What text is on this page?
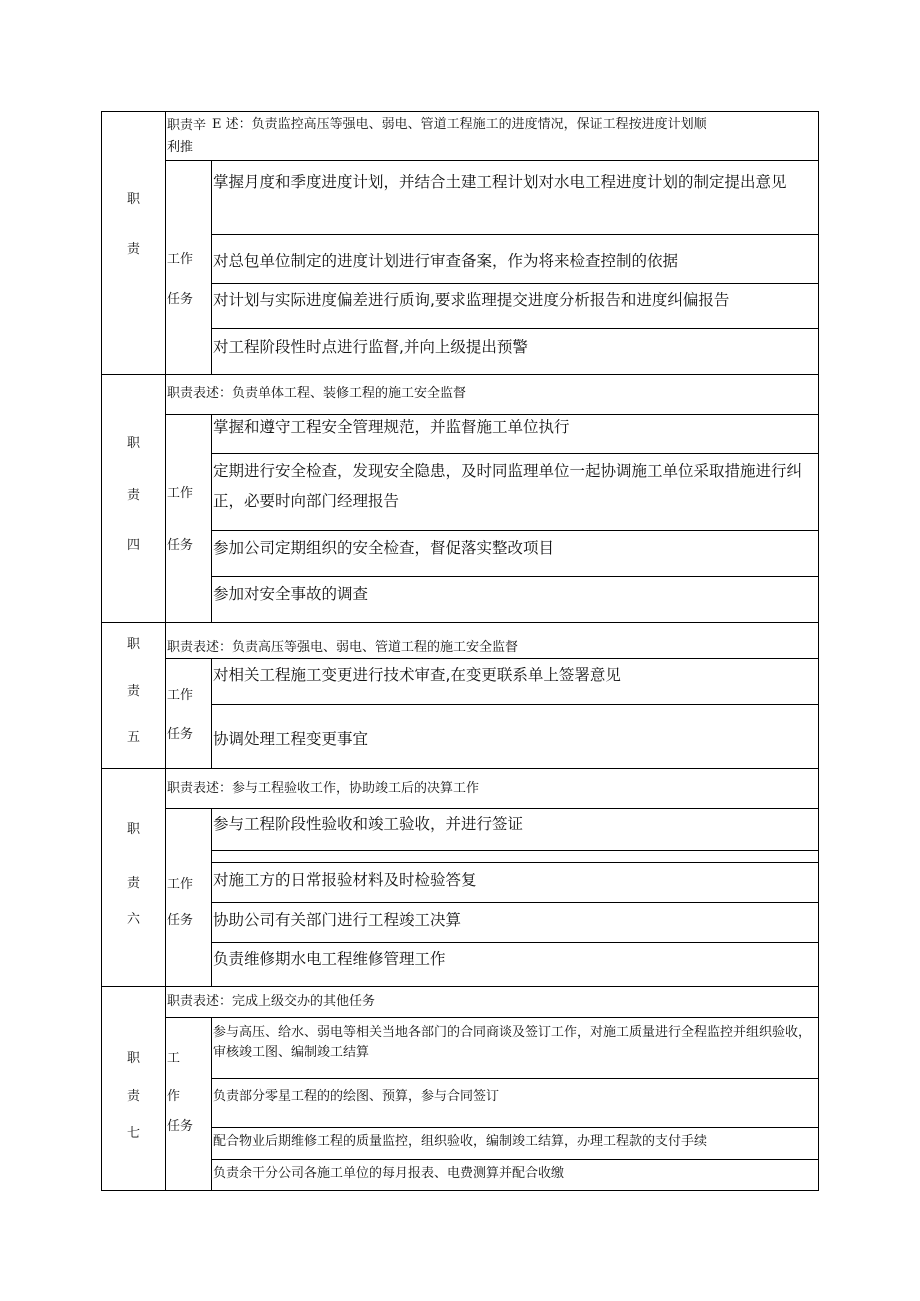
职
责
职责辛
利推
E 述：负责监控高压等强电、弱电、管道工程施工的进度情况，保证工程按进度计划顺
工作
任务
掌握月度和季度进度计划，并结合土建工程计划对水电工程进度计划的制定提出意见
对总包单位制定的进度计划进行审查备案，作为将来检查控制的依据
对计划与实际进度偏差进行质询,要求监理提交进度分析报告和进度纠偏报告
对工程阶段性时点进行监督,并向上级提出预警
职
责
四
职责表述 ：负责单体工程、装修工程的施工安全监督
工作
任务
掌握和遵守工程安全管理规范，并监督施工单位执行
定期进行安全检查，发现安全隐患，及时同监理单位一起协调施工单位采取措施进行纠正，必要时向部门经理报告
参加公司定期组织的安全检查，督促落实整改项目
参加对安全事故的调查
职
责
五
职责表述 ：负责高压等强电、弱电、管道工程的施工安全监督
工作
任务
对相关工程施工变更进行技术审查,在变更联系单上签署意见
协调处理工程变更事宜
职
责
六
职责表述 ：参与工程验收工作，协助竣工后的决算工作
工作
任务
参与工程阶段性验收和竣工验收，并进行签证
对施工方的日常报验材料及时检验答复
协助公司有关部门进行工程竣工决算
负责维修期水电工程维修管理工作
职
责
七
职责表述 ：完成上级交办的其他任务
工
作
任务
参与高压、给水、弱电等相关当地各部门的合同商谈及签订工作，对施工质量进行全程监控并组织验收，审核竣工图、编制竣工结算
负责部分零星工程的的绘图、预算，参与合同签订
配合物业后期维修工程的质量监控，组织验收，编制竣工结算，办理工程款的支付手续
负责余干分公司各施工单位的每月报表、电费测算并配合收缴
